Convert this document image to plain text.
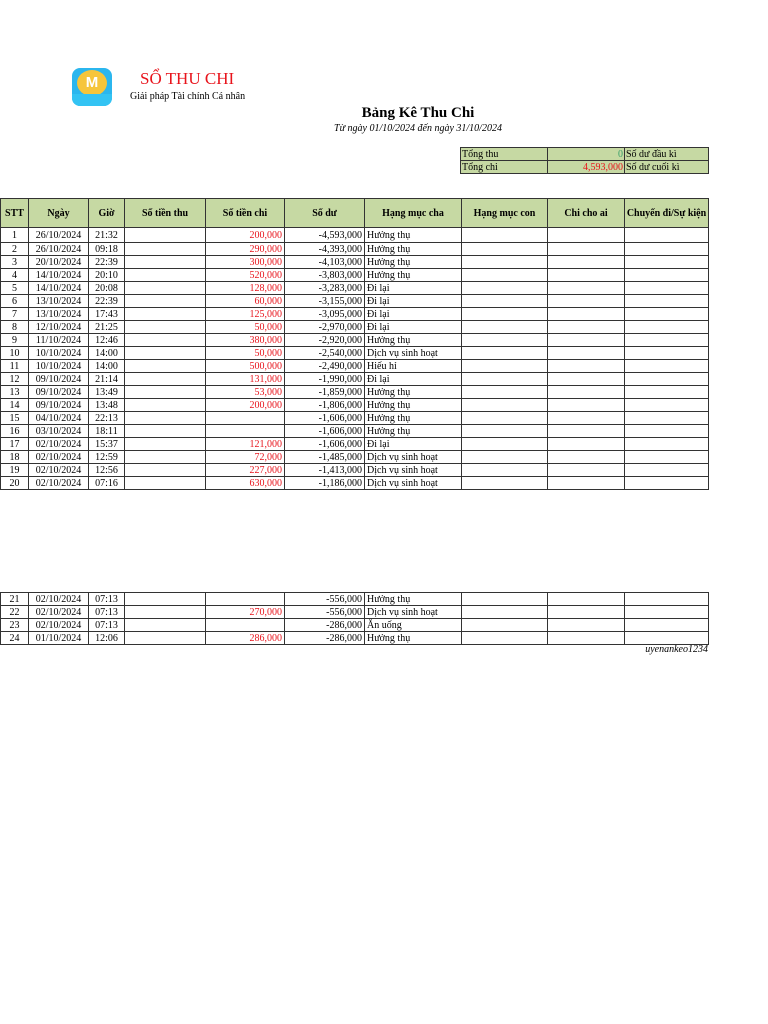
M	SỔ THU CHI
Giải pháp Tài chính Cá nhân
Bảng Kê Thu Chi
Từ ngày 01/10/2024 đến ngày 31/10/2024
Tổng thu	0	Số dư đầu kì
Tổng chi	4,593,000	Số dư cuối kì
STT	Ngày	Giờ	Số tiền thu	Số tiền chi	Số dư	Hạng mục cha	Hạng mục con	Chi cho ai	Chuyến đi/Sự kiện
1	26/10/2024	21:32		200,000	-4,593,000	Hưởng thụ			
2	26/10/2024	09:18		290,000	-4,393,000	Hưởng thụ			
3	20/10/2024	22:39		300,000	-4,103,000	Hưởng thụ			
4	14/10/2024	20:10		520,000	-3,803,000	Hưởng thụ			
5	14/10/2024	20:08		128,000	-3,283,000	Đi lại			
6	13/10/2024	22:39		60,000	-3,155,000	Đi lại			
7	13/10/2024	17:43		125,000	-3,095,000	Đi lại			
8	12/10/2024	21:25		50,000	-2,970,000	Đi lại			
9	11/10/2024	12:46		380,000	-2,920,000	Hưởng thụ			
10	10/10/2024	14:00		50,000	-2,540,000	Dịch vụ sinh hoạt			
11	10/10/2024	14:00		500,000	-2,490,000	Hiếu hỉ			
12	09/10/2024	21:14		131,000	-1,990,000	Đi lại			
13	09/10/2024	13:49		53,000	-1,859,000	Hưởng thụ			
14	09/10/2024	13:48		200,000	-1,806,000	Hưởng thụ			
15	04/10/2024	22:13			-1,606,000	Hưởng thụ			
16	03/10/2024	18:11			-1,606,000	Hưởng thụ			
17	02/10/2024	15:37		121,000	-1,606,000	Đi lại			
18	02/10/2024	12:59		72,000	-1,485,000	Dịch vụ sinh hoạt			
19	02/10/2024	12:56		227,000	-1,413,000	Dịch vụ sinh hoạt			
20	02/10/2024	07:16		630,000	-1,186,000	Dịch vụ sinh hoạt			
21	02/10/2024	07:13			-556,000	Hưởng thụ			
22	02/10/2024	07:13		270,000	-556,000	Dịch vụ sinh hoạt			
23	02/10/2024	07:13			-286,000	Ăn uống			
24	01/10/2024	12:06		286,000	-286,000	Hưởng thụ			
uyenankeo1234
